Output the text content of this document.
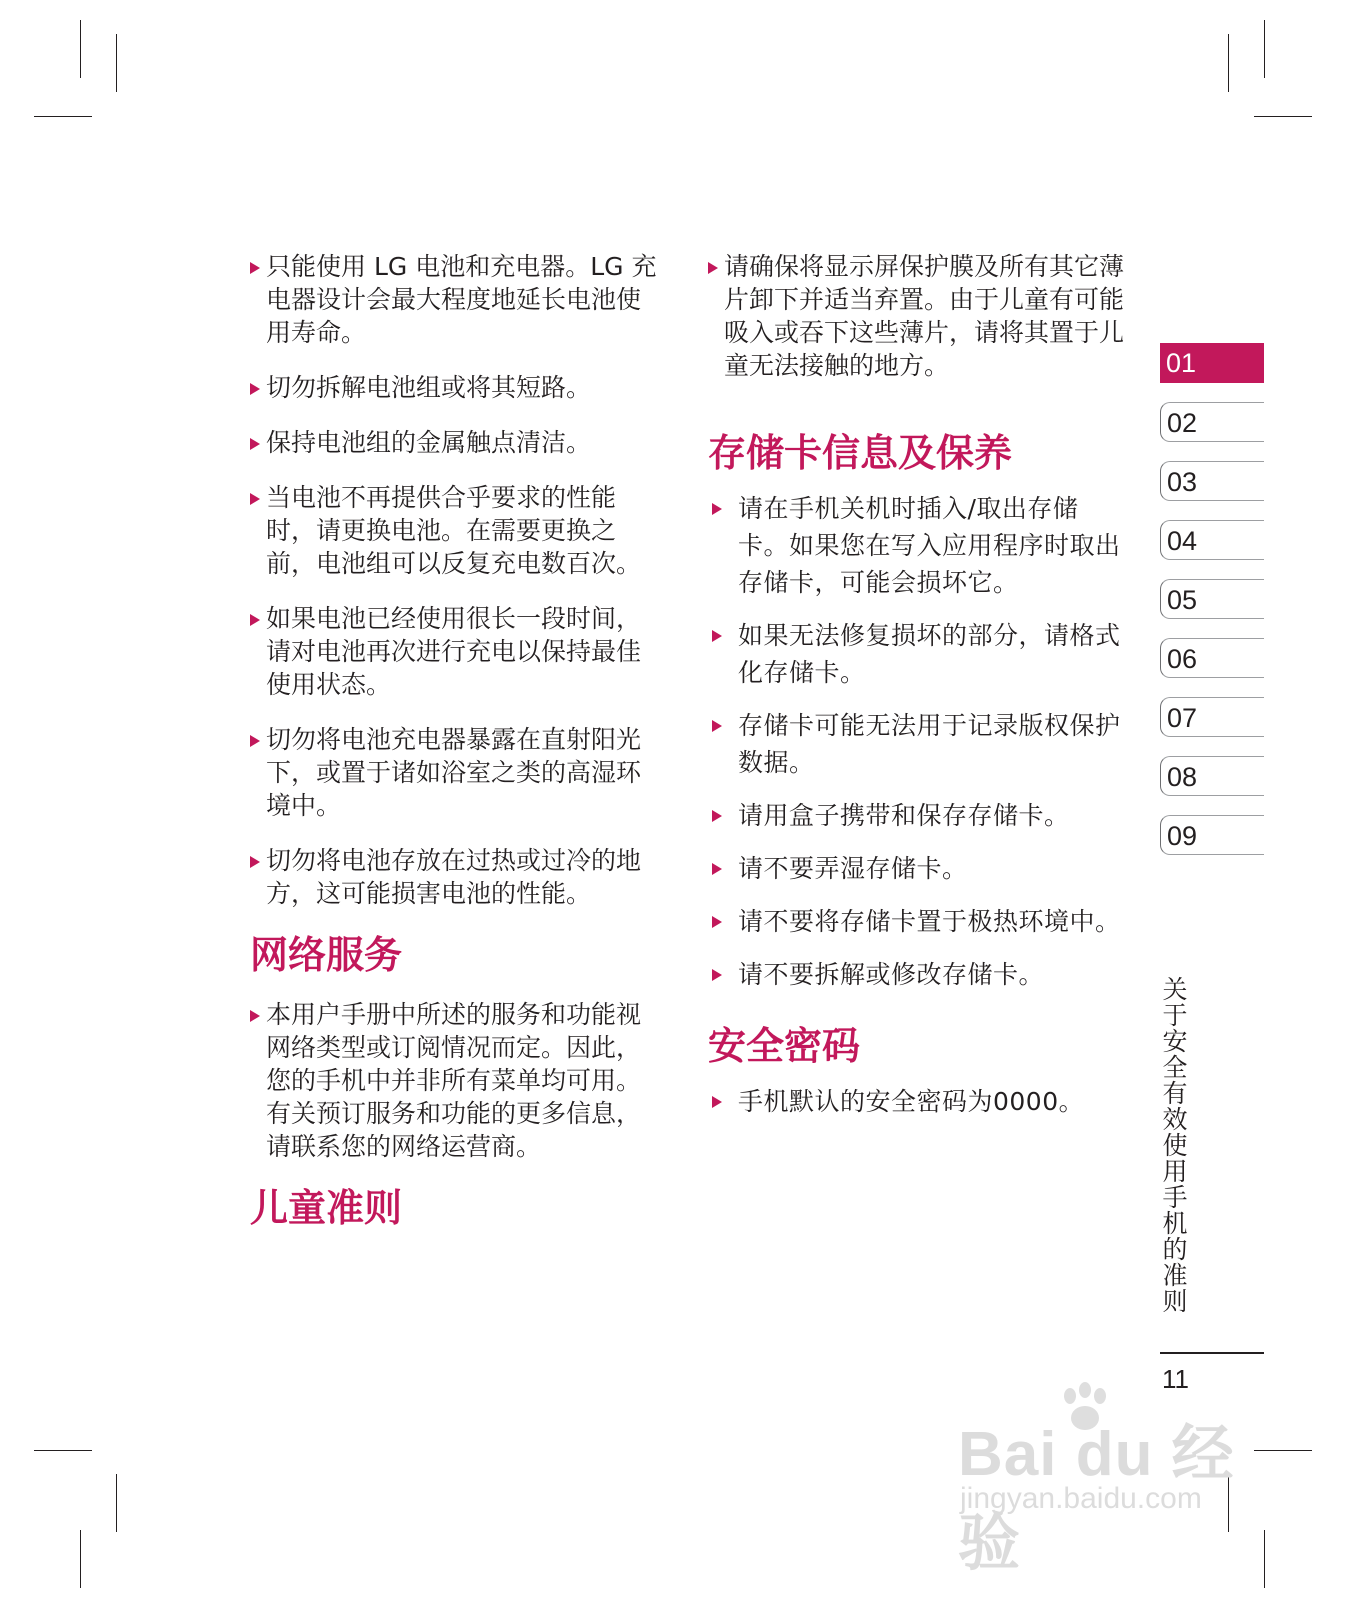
只能使用 LG 电池和充电器。LG 充电器设计会最大程度地延长电池使用寿命。
切勿拆解电池组或将其短路。
保持电池组的金属触点清洁。
当电池不再提供合乎要求的性能时，请更换电池。在需要更换之前，电池组可以反复充电数百次。
如果电池已经使用很长一段时间，请对电池再次进行充电以保持最佳使用状态。
切勿将电池充电器暴露在直射阳光下，或置于诸如浴室之类的高湿环境中。
切勿将电池存放在过热或过冷的地方，这可能损害电池的性能。
网络服务
本用户手册中所述的服务和功能视网络类型或订阅情况而定。因此，您的手机中并非所有菜单均可用。有关预订服务和功能的更多信息，请联系您的网络运营商。
儿童准则
请确保将显示屏保护膜及所有其它薄片卸下并适当弃置。由于儿童有可能吸入或吞下这些薄片，请将其置于儿童无法接触的地方。
存储卡信息及保养
请在手机关机时插入/取出存储卡。如果您在写入应用程序时取出存储卡，可能会损坏它。
如果无法修复损坏的部分，请格式化存储卡。
存储卡可能无法用于记录版权保护数据。
请用盒子携带和保存存储卡。
请不要弄湿存储卡。
请不要将存储卡置于极热环境中。
请不要拆解或修改存储卡。
安全密码
手机默认的安全密码为0000。
01
02
03
04
05
06
07
08
09
关于安全有效使用手机的准则
11
Bai du 经验
jingyan.baidu.com
